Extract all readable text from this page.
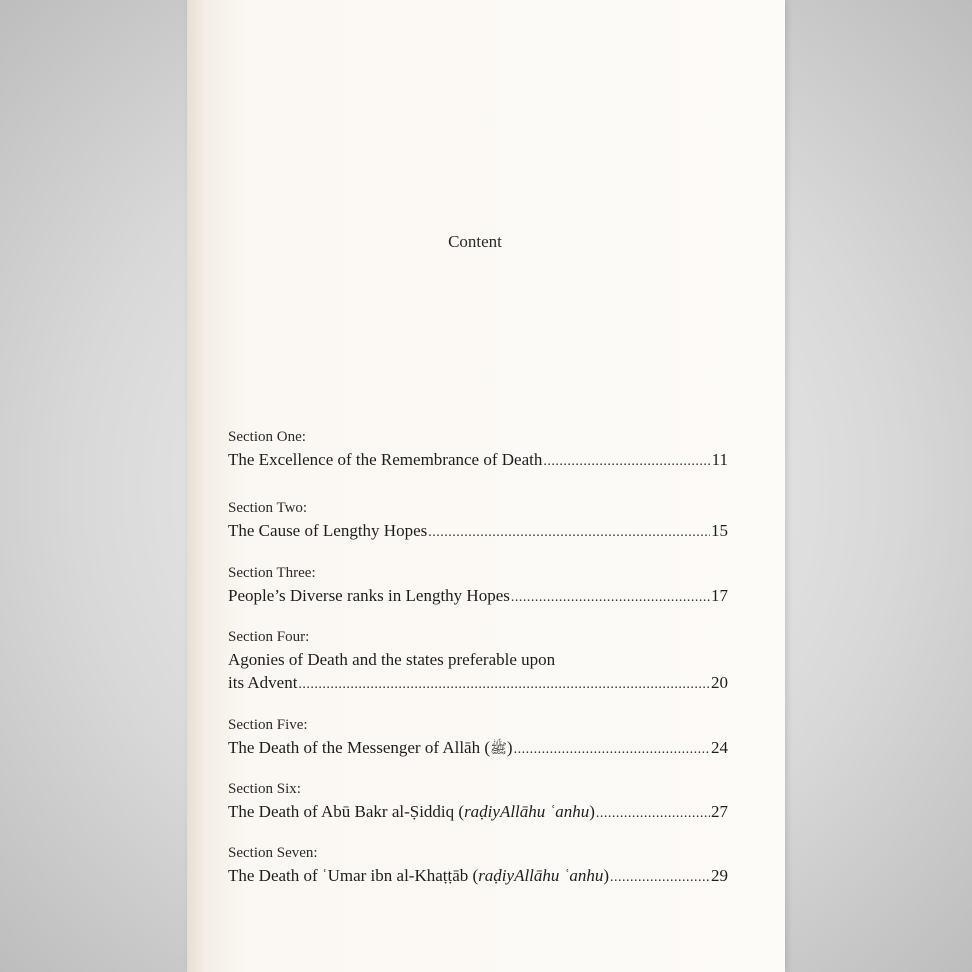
Content
Section One:
The Excellence of the Remembrance of Death .....	11
Section Two:
The Cause of Lengthy Hopes .....	15
Section Three:
People’s Diverse ranks in Lengthy Hopes .....	17
Section Four:
Agonies of Death and the states preferable upon
its Advent .....	20
Section Five:
The Death of the Messenger of Allāh (ﷺ) .....	24
Section Six:
The Death of Abū Bakr al-Ṣiddiq (raḍiyAllāhu ʿanhu) .....	27
Section Seven:
The Death of ʿUmar ibn al-Khaṭṭāb (raḍiyAllāhu ʿanhu) .....	29
